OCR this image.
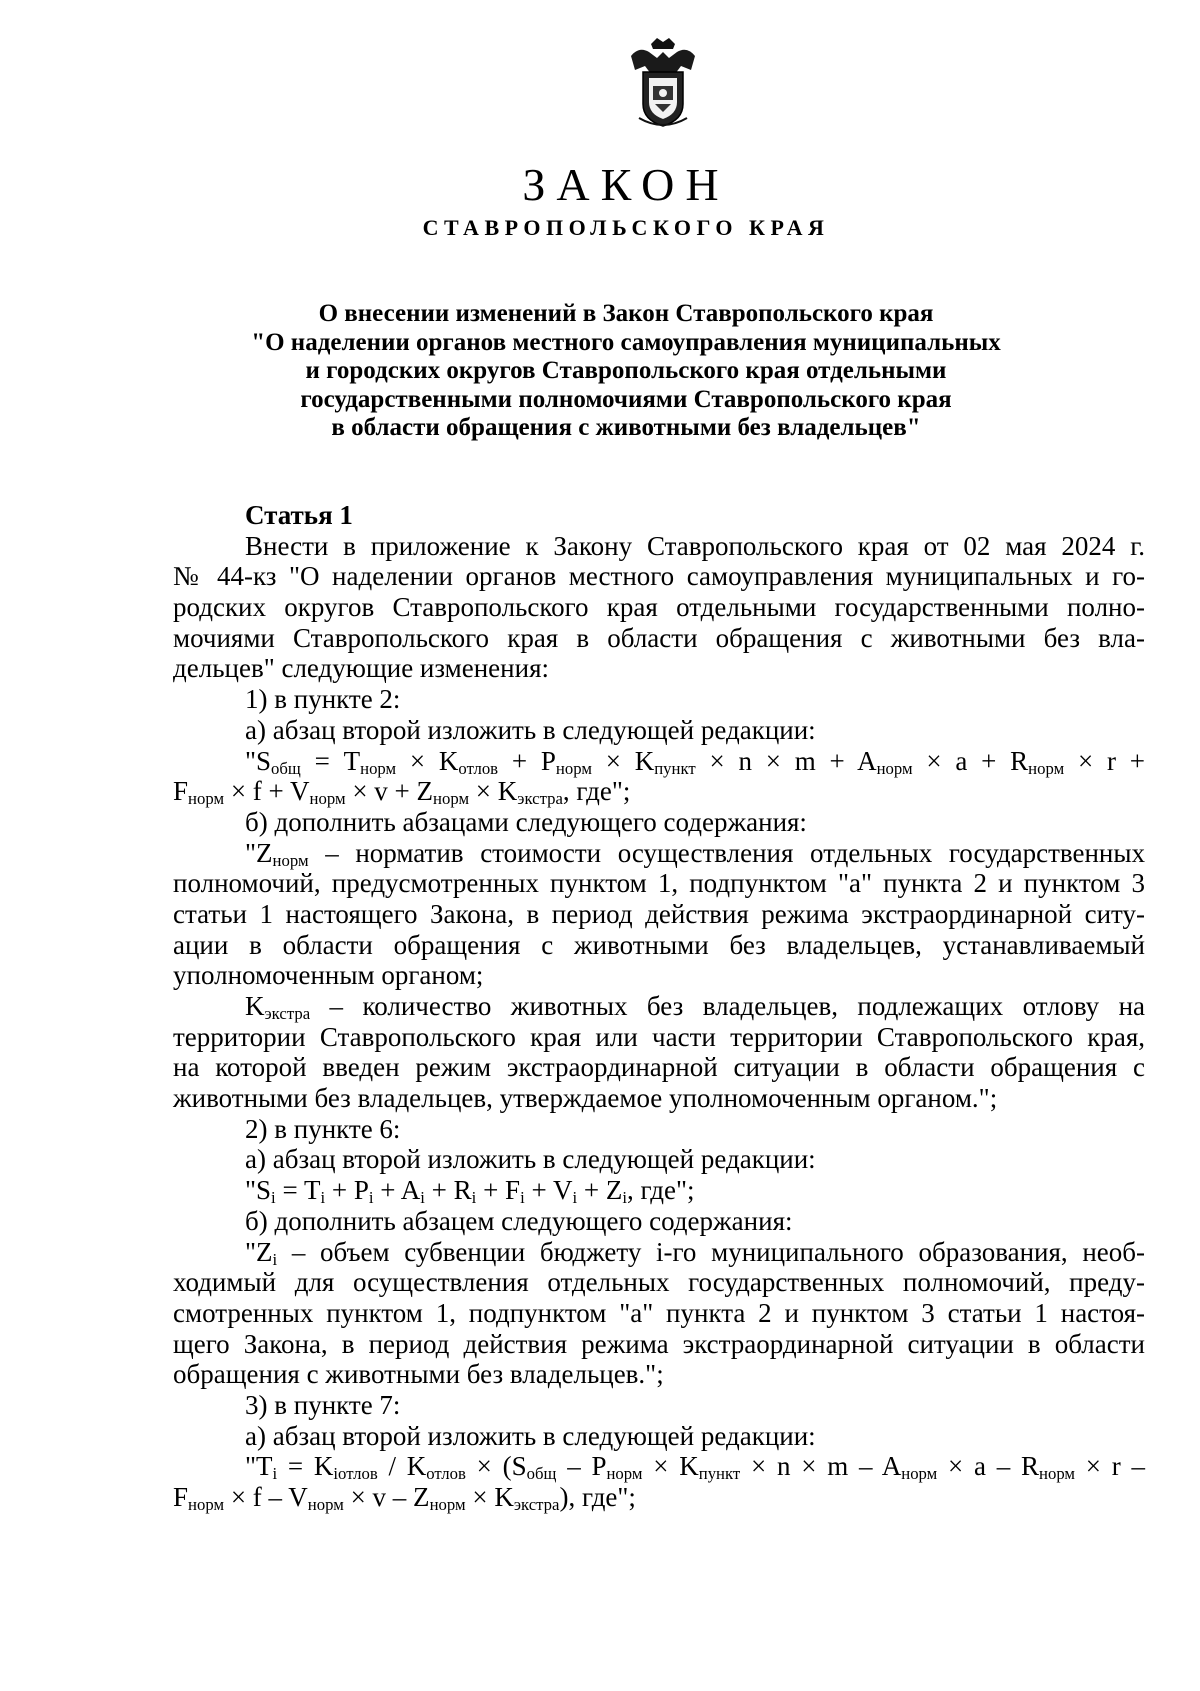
ЗАКОН
СТАВРОПОЛЬСКОГО КРАЯ
О внесении изменений в Закон Ставропольского края
"О наделении органов местного самоуправления муниципальных
и городских округов Ставропольского края отдельными
государственными полномочиями Ставропольского края
в области обращения с животными без владельцев"
Статья 1
Внести в приложение к Закону Ставропольского края от 02 мая 2024 г.
№ 44-кз "О наделении органов местного самоуправления муниципальных и го-
родских округов Ставропольского края отдельными государственными полно-
мочиями Ставропольского края в области обращения с животными без вла-
дельцев" следующие изменения:
1) в пункте 2:
а) абзац второй изложить в следующей редакции:
"$S_{общ} = T_{норм} \times K_{отлов} + P_{норм} \times K_{пункт} \times n \times m + A_{норм} \times a + R_{норм} \times r$ +
$F_{норм} \times f + V_{норм} \times v + Z_{норм} \times K_{экстра}$, где";
б) дополнить абзацами следующего содержания:
"$Z_{норм}$ – норматив стоимости осуществления отдельных государственных
полномочий, предусмотренных пунктом 1, подпунктом "а" пункта 2 и пунктом 3
статьи 1 настоящего Закона, в период действия режима экстраординарной ситу-
ации в области обращения с животными без владельцев, устанавливаемый
уполномоченным органом;
$K_{экстра}$ – количество животных без владельцев, подлежащих отлову на
территории Ставропольского края или части территории Ставропольского края,
на которой введен режим экстраординарной ситуации в области обращения с
животными без владельцев, утверждаемое уполномоченным органом.";
2) в пункте 6:
а) абзац второй изложить в следующей редакции:
"$S_i = T_i + P_i + A_i + R_i + F_i + V_i + Z_i$, где";
б) дополнить абзацем следующего содержания:
"$Z_i$ – объем субвенции бюджету i-го муниципального образования, необ-
ходимый для осуществления отдельных государственных полномочий, преду-
смотренных пунктом 1, подпунктом "а" пункта 2 и пунктом 3 статьи 1 настоя-
щего Закона, в период действия режима экстраординарной ситуации в области
обращения с животными без владельцев.";
3) в пункте 7:
а) абзац второй изложить в следующей редакции:
"$T_i = K_{iотлов} / K_{отлов} \times (S_{общ} - P_{норм} \times K_{пункт} \times n \times m - A_{норм} \times a - R_{норм} \times r$ –
$F_{норм} \times f - V_{норм} \times v - Z_{норм} \times K_{экстра}$), где";
